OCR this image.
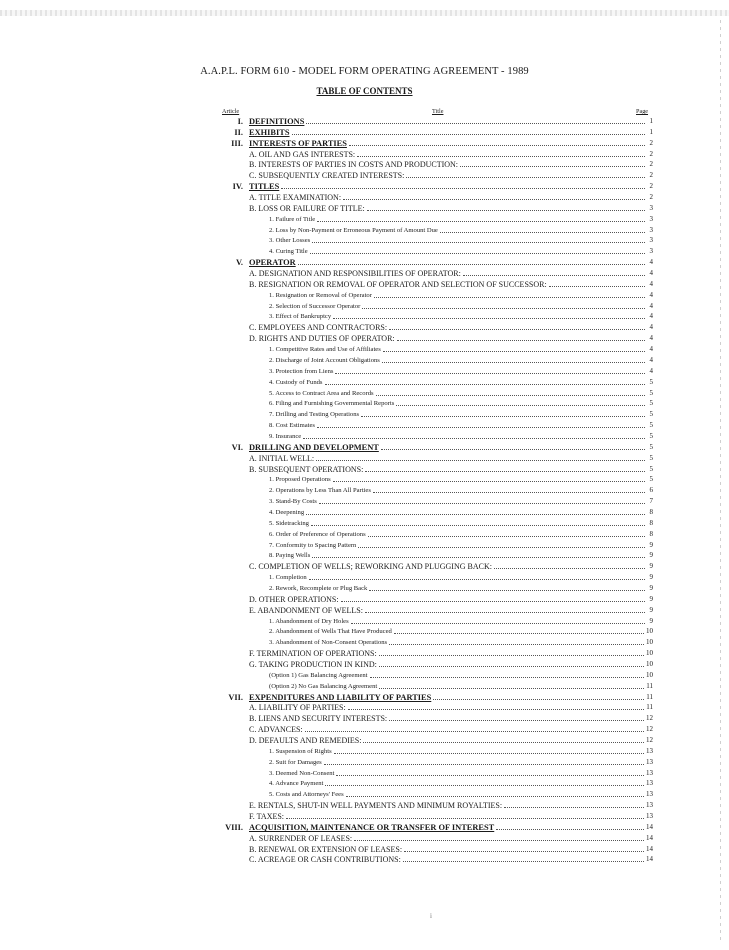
A.A.P.L. FORM 610 - MODEL FORM OPERATING AGREEMENT - 1989
TABLE OF CONTENTS
Article	Title	Page
I. DEFINITIONS	1
II. EXHIBITS	1
III. INTERESTS OF PARTIES	2
A. OIL AND GAS INTERESTS:	2
B. INTERESTS OF PARTIES IN COSTS AND PRODUCTION:	2
C. SUBSEQUENTLY CREATED INTERESTS:	2
IV. TITLES	2
A. TITLE EXAMINATION:	2
B. LOSS OR FAILURE OF TITLE:	3
1. Failure of Title	3
2. Loss by Non-Payment or Erroneous Payment of Amount Due	3
3. Other Losses	3
4. Curing Title	3
V. OPERATOR	4
A. DESIGNATION AND RESPONSIBILITIES OF OPERATOR:	4
B. RESIGNATION OR REMOVAL OF OPERATOR AND SELECTION OF SUCCESSOR:	4
1. Resignation or Removal of Operator	4
2. Selection of Successor Operator	4
3. Effect of Bankruptcy	4
C. EMPLOYEES AND CONTRACTORS:	4
D. RIGHTS AND DUTIES OF OPERATOR:	4
1. Competitive Rates and Use of Affiliates	4
2. Discharge of Joint Account Obligations	4
3. Protection from Liens	4
4. Custody of Funds	5
5. Access to Contract Area and Records	5
6. Filing and Furnishing Governmental Reports	5
7. Drilling and Testing Operations	5
8. Cost Estimates	5
9. Insurance	5
VI. DRILLING AND DEVELOPMENT	5
A. INITIAL WELL:	5
B. SUBSEQUENT OPERATIONS:	5
1. Proposed Operations	5
2. Operations by Less Than All Parties	6
3. Stand-By Costs	7
4. Deepening	8
5. Sidetracking	8
6. Order of Preference of Operations	8
7. Conformity to Spacing Pattern	9
8. Paying Wells	9
C. COMPLETION OF WELLS; REWORKING AND PLUGGING BACK:	9
1. Completion	9
2. Rework, Recomplete or Plug Back	9
D. OTHER OPERATIONS:	9
E. ABANDONMENT OF WELLS:	9
1. Abandonment of Dry Holes	9
2. Abandonment of Wells That Have Produced	10
3. Abandonment of Non-Consent Operations	10
F. TERMINATION OF OPERATIONS:	10
G. TAKING PRODUCTION IN KIND:	10
(Option 1) Gas Balancing Agreement	10
(Option 2) No Gas Balancing Agreement	11
VII. EXPENDITURES AND LIABILITY OF PARTIES	11
A. LIABILITY OF PARTIES:	11
B. LIENS AND SECURITY INTERESTS:	12
C. ADVANCES:	12
D. DEFAULTS AND REMEDIES:	12
1. Suspension of Rights	13
2. Suit for Damages	13
3. Deemed Non-Consent	13
4. Advance Payment	13
5. Costs and Attorneys' Fees	13
E. RENTALS, SHUT-IN WELL PAYMENTS AND MINIMUM ROYALTIES:	13
F. TAXES:	13
VIII. ACQUISITION, MAINTENANCE OR TRANSFER OF INTEREST	14
A. SURRENDER OF LEASES:	14
B. RENEWAL OR EXTENSION OF LEASES:	14
C. ACREAGE OR CASH CONTRIBUTIONS:	14
i
